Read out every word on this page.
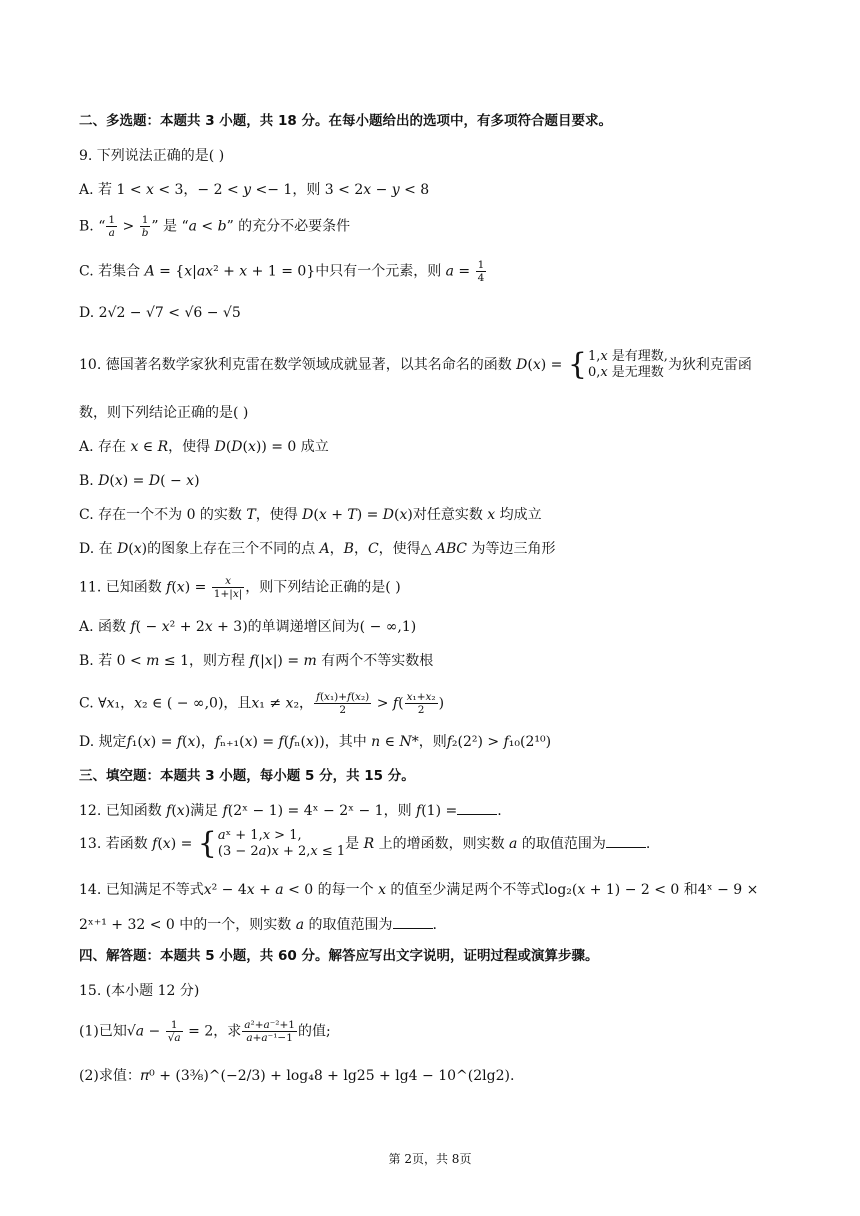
二、多选题：本题共 3 小题，共 18 分。在每小题给出的选项中，有多项符合题目要求。
9. 下列说法正确的是( )
A. 若 1 < 𝑥 < 3，− 2 < 𝑦 <− 1，则 3 < 2𝑥 − 𝑦 < 8
B. “ $\frac{1}{\text{𝑎}} > \frac{1}{\text{𝑏}}$ ” 是 “𝑎 < 𝑏” 的充分不必要条件
C. 若集合 𝐴 = {𝑥|𝑎𝑥² + 𝑥 + 1 = 0}中只有一个元素，则 𝑎 = $\frac{1}{4}$
D. 2√2 − √7 < √6 − √5
10. 德国著名数学家狄利克雷在数学领域成就显著，以其名命名的函数 𝐷(𝑥) = { 1,𝑥 是有理数,
0,𝑥 是无理数 为狄利克雷函
数，则下列结论正确的是( )
A. 存在 𝑥 ∈ 𝑅，使得 𝐷(𝐷(𝑥)) = 0 成立
B. 𝐷(𝑥) = 𝐷( − 𝑥)
C. 存在一个不为 0 的实数 𝑇，使得 𝐷(𝑥 + 𝑇) = 𝐷(𝑥)对任意实数 𝑥 均成立
D. 在 𝐷(𝑥)的图象上存在三个不同的点 𝐴，𝐵，𝐶，使得△ 𝐴𝐵𝐶 为等边三角形
11. 已知函数 𝑓(𝑥) = $\frac{\text{𝑥}}{\text{1+|𝑥|}}$ ，则下列结论正确的是( )
A. 函数 𝑓( − 𝑥² + 2𝑥 + 3)的单调递增区间为( − ∞,1)
B. 若 0 < 𝑚 ≤ 1，则方程 𝑓(|𝑥|) = 𝑚 有两个不等实数根
C. ∀𝑥₁，𝑥₂ ∈ ( − ∞,0)，且𝑥₁ ≠ 𝑥₂， $\frac{\text{𝑓(𝑥₁)+𝑓(𝑥₂)}}{2}$ > 𝑓( $\frac{\text{𝑥₁+𝑥₂}}{2}$ )
D. 规定𝑓₁(𝑥) = 𝑓(𝑥)，𝑓ₙ₊₁(𝑥) = 𝑓(𝑓ₙ(𝑥))，其中 𝑛 ∈ 𝑁*，则𝑓₂(2²) > 𝑓₁₀(2¹⁰)
三、填空题：本题共 3 小题，每小题 5 分，共 15 分。
12. 已知函数 𝑓(𝑥)满足 𝑓(2ˣ − 1) = 4ˣ − 2ˣ − 1，则 𝑓(1) =	.
13. 若函数 𝑓(𝑥) = { 𝑎ˣ + 1,𝑥 > 1,
(3 − 2𝑎)𝑥 + 2,𝑥 ≤ 1 是 𝑅 上的增函数，则实数 𝑎 的取值范围为	.
14. 已知满足不等式𝑥² − 4𝑥 + 𝑎 < 0 的每一个 𝑥 的值至少满足两个不等式log₂(𝑥 + 1) − 2 < 0 和4ˣ − 9 ×
2ˣ⁺¹ + 32 < 0 中的一个，则实数 𝑎 的取值范围为	.
四、解答题：本题共 5 小题，共 60 分。解答应写出文字说明，证明过程或演算步骤。
15. (本小题 12 分)
(1)已知√𝑎 − $\frac{1}{\text{√𝑎}} = 2$，求 $\frac{\text{𝑎²+𝑎⁻²+1}}{\text{𝑎+𝑎⁻¹−1}}$ 的值;
(2)求值：𝜋⁰ + (3⅜)^(−2/3) + log₄8 + lg25 + lg4 − 10^(2lg2).
第 2页，共 8页
